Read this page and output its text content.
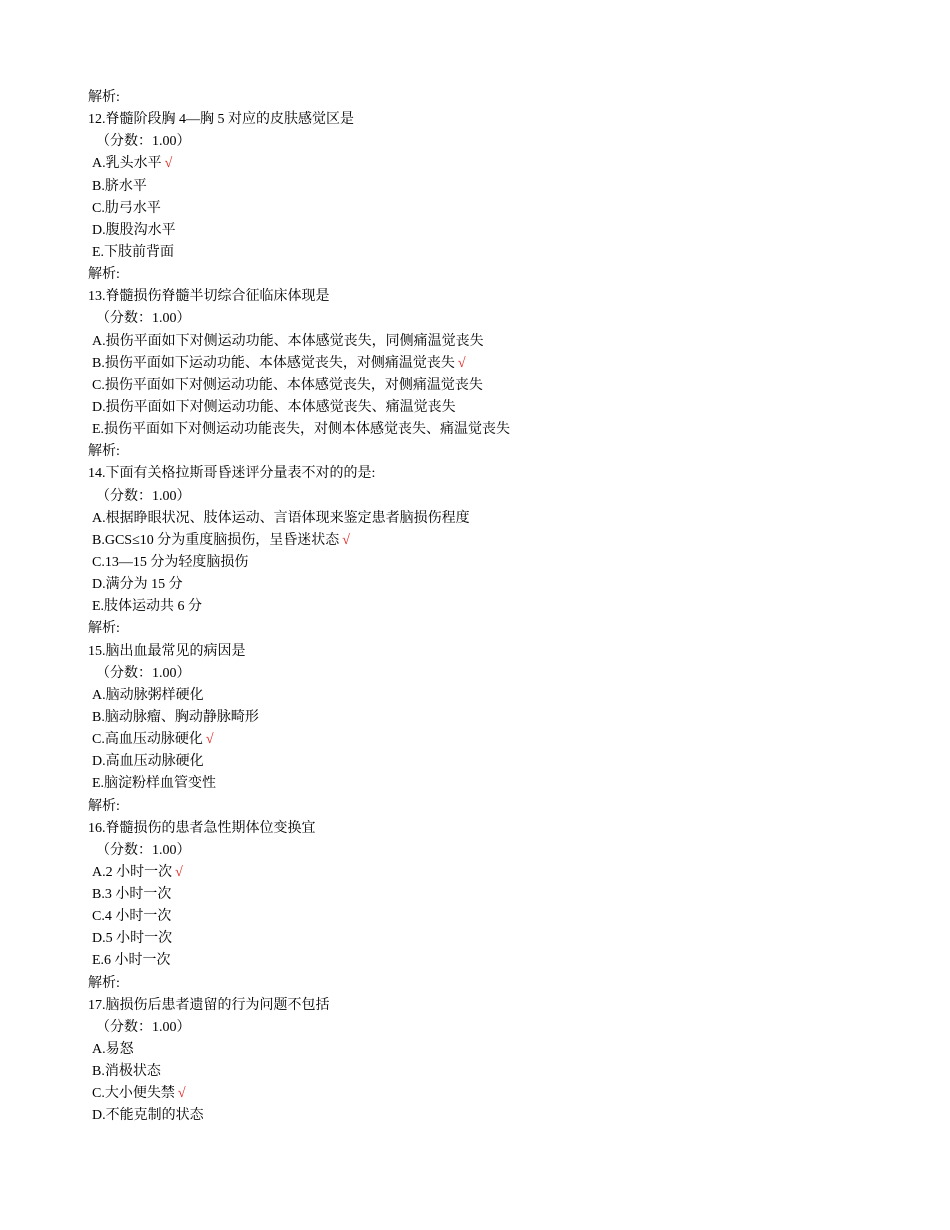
解析:
12.脊髓阶段胸 4—胸 5 对应的皮肤感觉区是
（分数：1.00）
A.乳头水平 √
B.脐水平
C.肋弓水平
D.腹股沟水平
E.下肢前背面
解析:
13.脊髓损伤脊髓半切综合征临床体现是
（分数：1.00）
A.损伤平面如下对侧运动功能、本体感觉丧失，同侧痛温觉丧失
B.损伤平面如下运动功能、本体感觉丧失，对侧痛温觉丧失 √
C.损伤平面如下对侧运动功能、本体感觉丧失，对侧痛温觉丧失
D.损伤平面如下对侧运动功能、本体感觉丧失、痛温觉丧失
E.损伤平面如下对侧运动功能丧失，对侧本体感觉丧失、痛温觉丧失
解析:
14.下面有关格拉斯哥昏迷评分量表不对的的是:
（分数：1.00）
A.根据睁眼状况、肢体运动、言语体现来鉴定患者脑损伤程度
B.GCS≤10 分为重度脑损伤，呈昏迷状态 √
C.13—15 分为轻度脑损伤
D.满分为 15 分
E.肢体运动共 6 分
解析:
15.脑出血最常见的病因是
（分数：1.00）
A.脑动脉粥样硬化
B.脑动脉瘤、胸动静脉畸形
C.高血压动脉硬化 √
D.高血压动脉硬化
E.脑淀粉样血管变性
解析:
16.脊髓损伤的患者急性期体位变换宜
（分数：1.00）
A.2 小时一次 √
B.3 小时一次
C.4 小时一次
D.5 小时一次
E.6 小时一次
解析:
17.脑损伤后患者遗留的行为问题不包括
（分数：1.00）
A.易怒
B.消极状态
C.大小便失禁 √
D.不能克制的状态
